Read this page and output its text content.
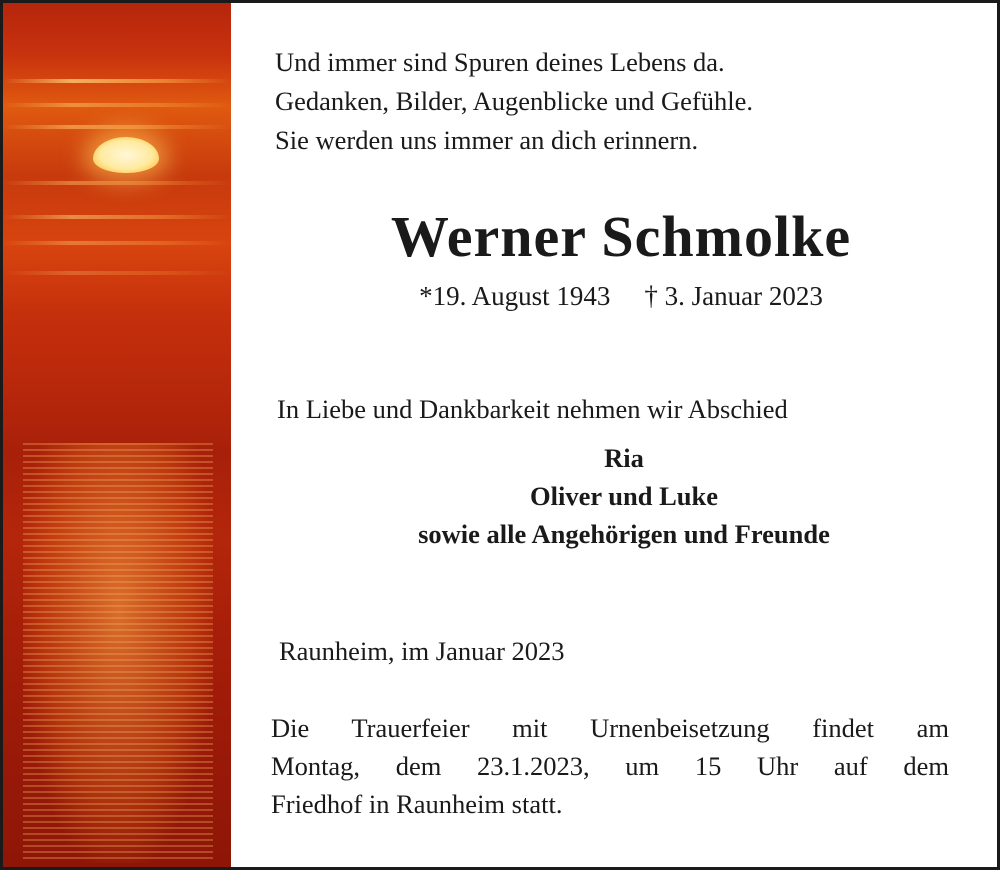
Und immer sind Spuren deines Lebens da.
Gedanken, Bilder, Augenblicke und Gefühle.
Sie werden uns immer an dich erinnern.
Werner Schmolke
*19. August 1943 † 3. Januar 2023
In Liebe und Dankbarkeit nehmen wir Abschied
Ria
Oliver und Luke
sowie alle Angehörigen und Freunde
Raunheim, im Januar 2023
Die Trauerfeier mit Urnenbeisetzung findet am
Montag, dem 23.1.2023, um 15 Uhr auf dem
Friedhof in Raunheim statt.
